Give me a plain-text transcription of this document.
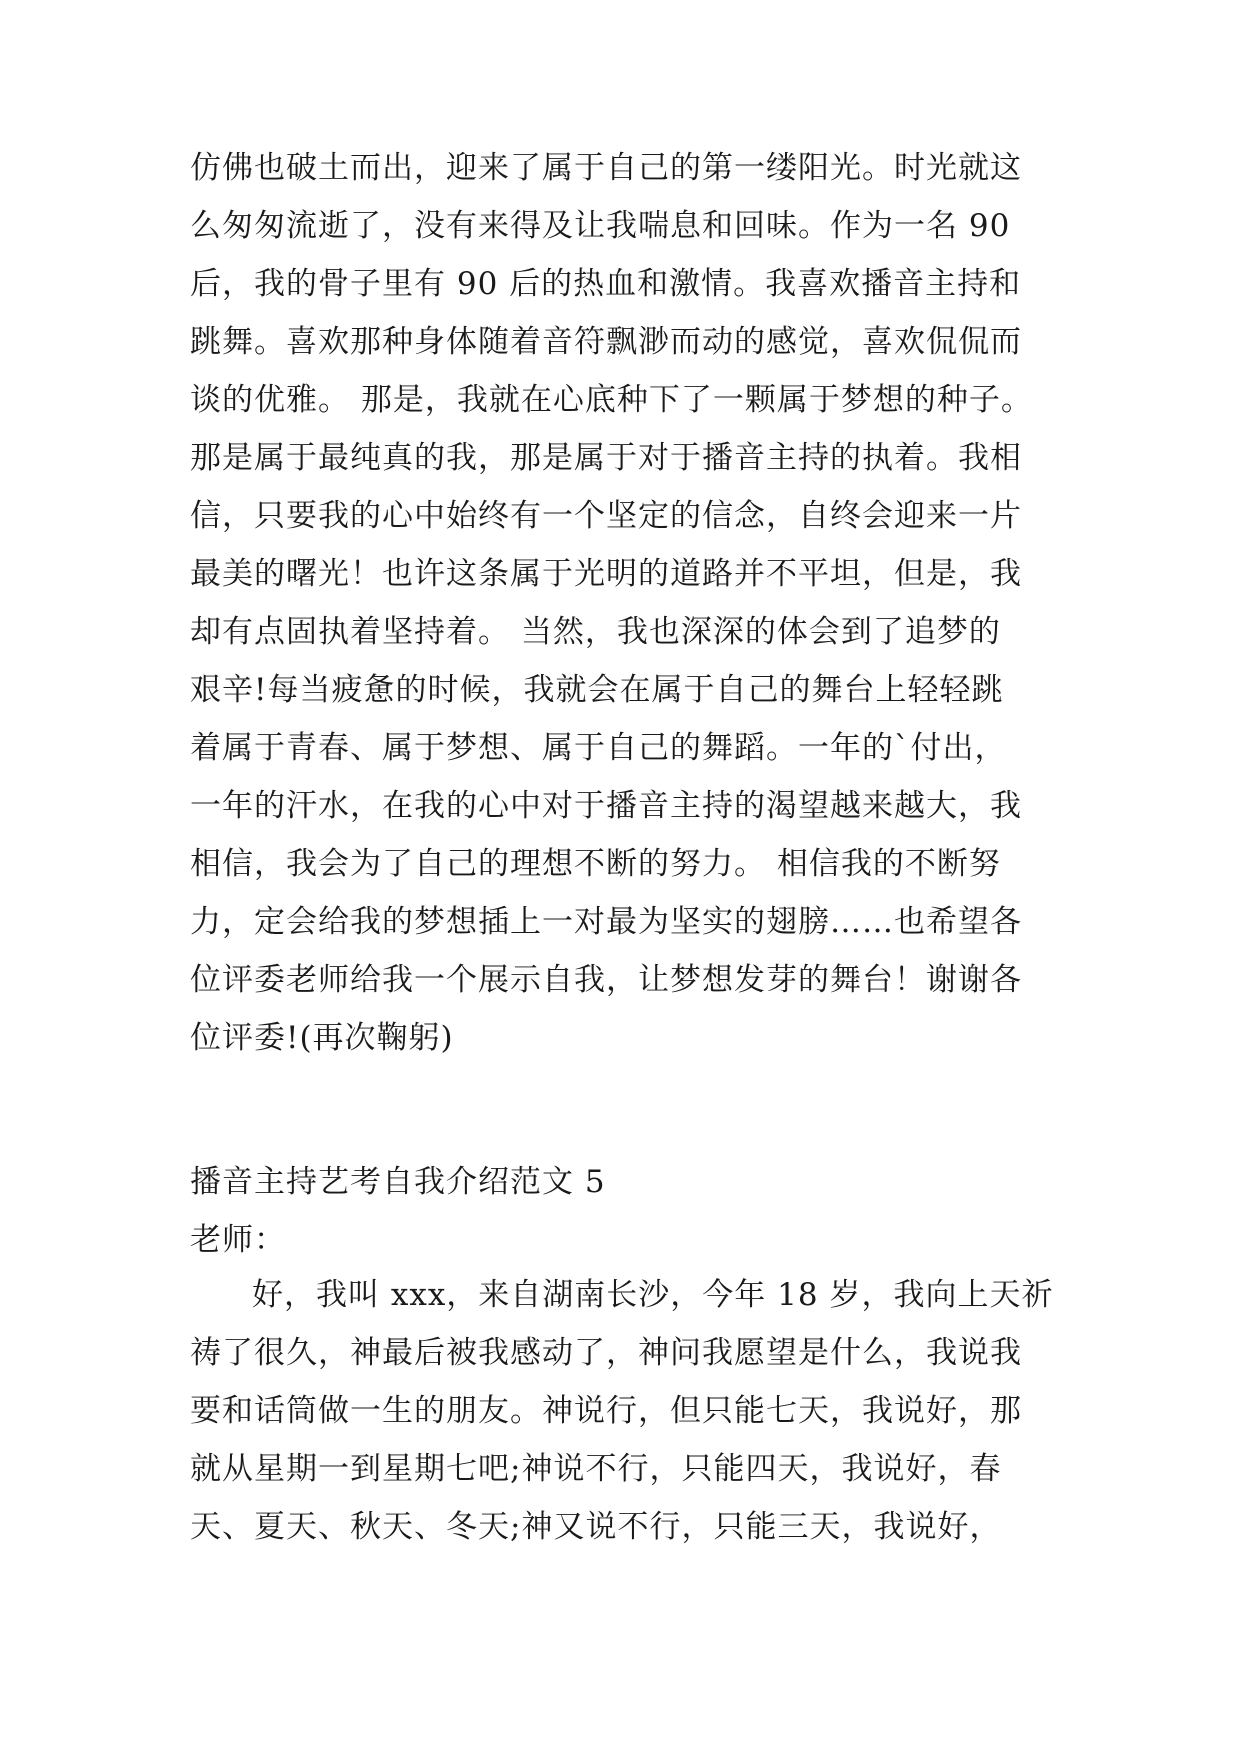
仿佛也破土而出，迎来了属于自己的第一缕阳光。时光就这
么匆匆流逝了，没有来得及让我喘息和回味。作为一名 90
后，我的骨子里有 90 后的热血和激情。我喜欢播音主持和
跳舞。喜欢那种身体随着音符飘渺而动的感觉，喜欢侃侃而
谈的优雅。 那是，我就在心底种下了一颗属于梦想的种子。
那是属于最纯真的我，那是属于对于播音主持的执着。我相
信，只要我的心中始终有一个坚定的信念，自终会迎来一片
最美的曙光！也许这条属于光明的道路并不平坦，但是，我
却有点固执着坚持着。 当然，我也深深的体会到了追梦的
艰辛!每当疲惫的时候，我就会在属于自己的舞台上轻轻跳
着属于青春、属于梦想、属于自己的舞蹈。一年的`付出，
一年的汗水，在我的心中对于播音主持的渴望越来越大，我
相信，我会为了自己的理想不断的努力。 相信我的不断努
力，定会给我的梦想插上一对最为坚实的翅膀……也希望各
位评委老师给我一个展示自我，让梦想发芽的舞台！谢谢各
位评委!(再次鞠躬)
播音主持艺考自我介绍范文 5
老师：
好，我叫 xxx，来自湖南长沙，今年 18 岁，我向上天祈
祷了很久，神最后被我感动了，神问我愿望是什么，我说我
要和话筒做一生的朋友。神说行，但只能七天，我说好，那
就从星期一到星期七吧;神说不行，只能四天，我说好，春
天、夏天、秋天、冬天;神又说不行，只能三天，我说好，
